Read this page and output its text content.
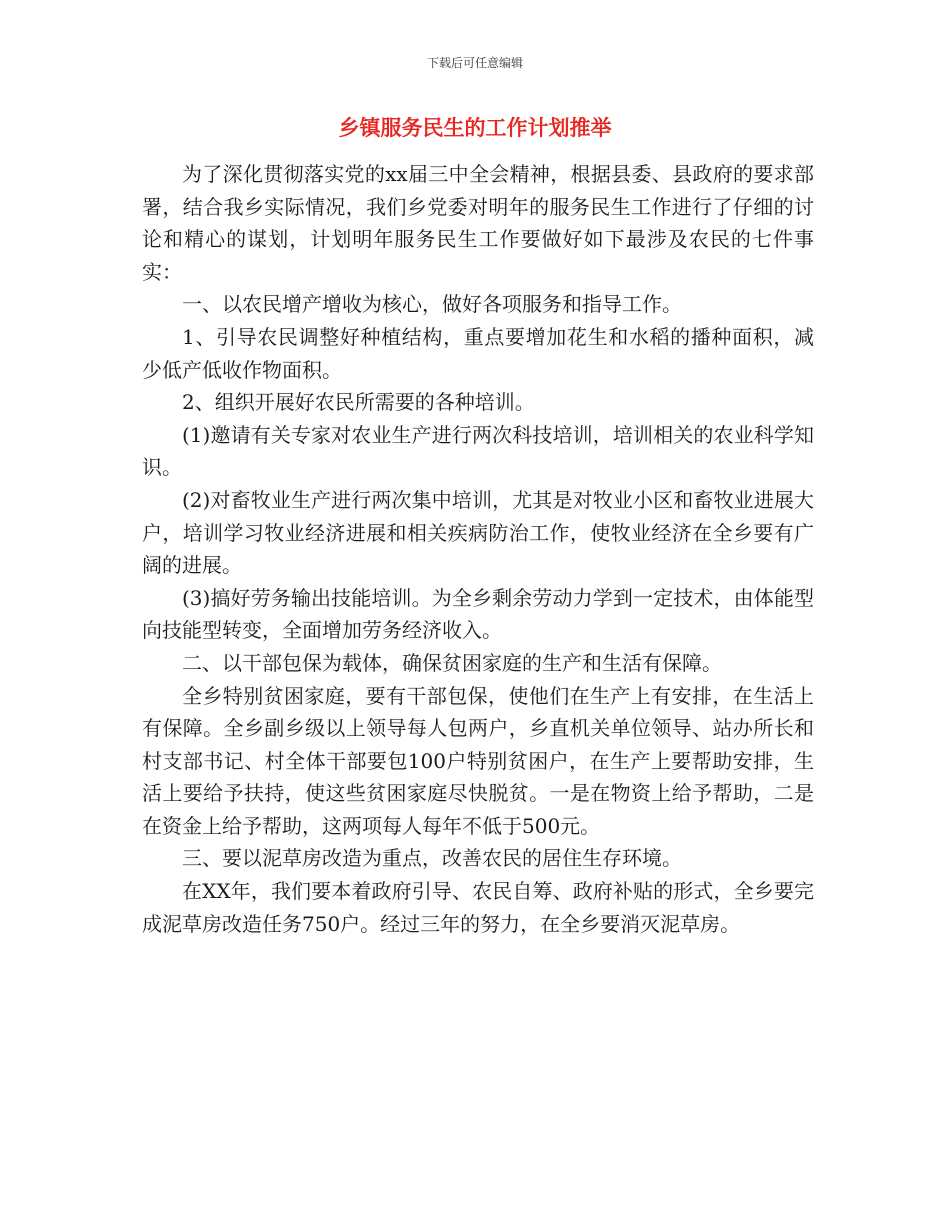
下载后可任意编辑
乡镇服务民生的工作计划推举

为了深化贯彻落实党的xx届三中全会精神，根据县委、县政府的要求部署，结合我乡实际情况，我们乡党委对明年的服务民生工作进行了仔细的讨论和精心的谋划，计划明年服务民生工作要做好如下最涉及农民的七件事实：

一、以农民增产增收为核心，做好各项服务和指导工作。

1、引导农民调整好种植结构，重点要增加花生和水稻的播种面积，减少低产低收作物面积。

2、组织开展好农民所需要的各种培训。

(1)邀请有关专家对农业生产进行两次科技培训，培训相关的农业科学知识。

(2)对畜牧业生产进行两次集中培训，尤其是对牧业小区和畜牧业进展大户，培训学习牧业经济进展和相关疾病防治工作，使牧业经济在全乡要有广阔的进展。

(3)搞好劳务输出技能培训。为全乡剩余劳动力学到一定技术，由体能型向技能型转变，全面增加劳务经济收入。

二、以干部包保为载体，确保贫困家庭的生产和生活有保障。

全乡特别贫困家庭，要有干部包保，使他们在生产上有安排，在生活上有保障。全乡副乡级以上领导每人包两户，乡直机关单位领导、站办所长和村支部书记、村全体干部要包100户特别贫困户，在生产上要帮助安排，生活上要给予扶持，使这些贫困家庭尽快脱贫。一是在物资上给予帮助，二是在资金上给予帮助，这两项每人每年不低于500元。

三、要以泥草房改造为重点，改善农民的居住生存环境。

在XX年，我们要本着政府引导、农民自筹、政府补贴的形式，全乡要完成泥草房改造任务750户。经过三年的努力，在全乡要消灭泥草房。
